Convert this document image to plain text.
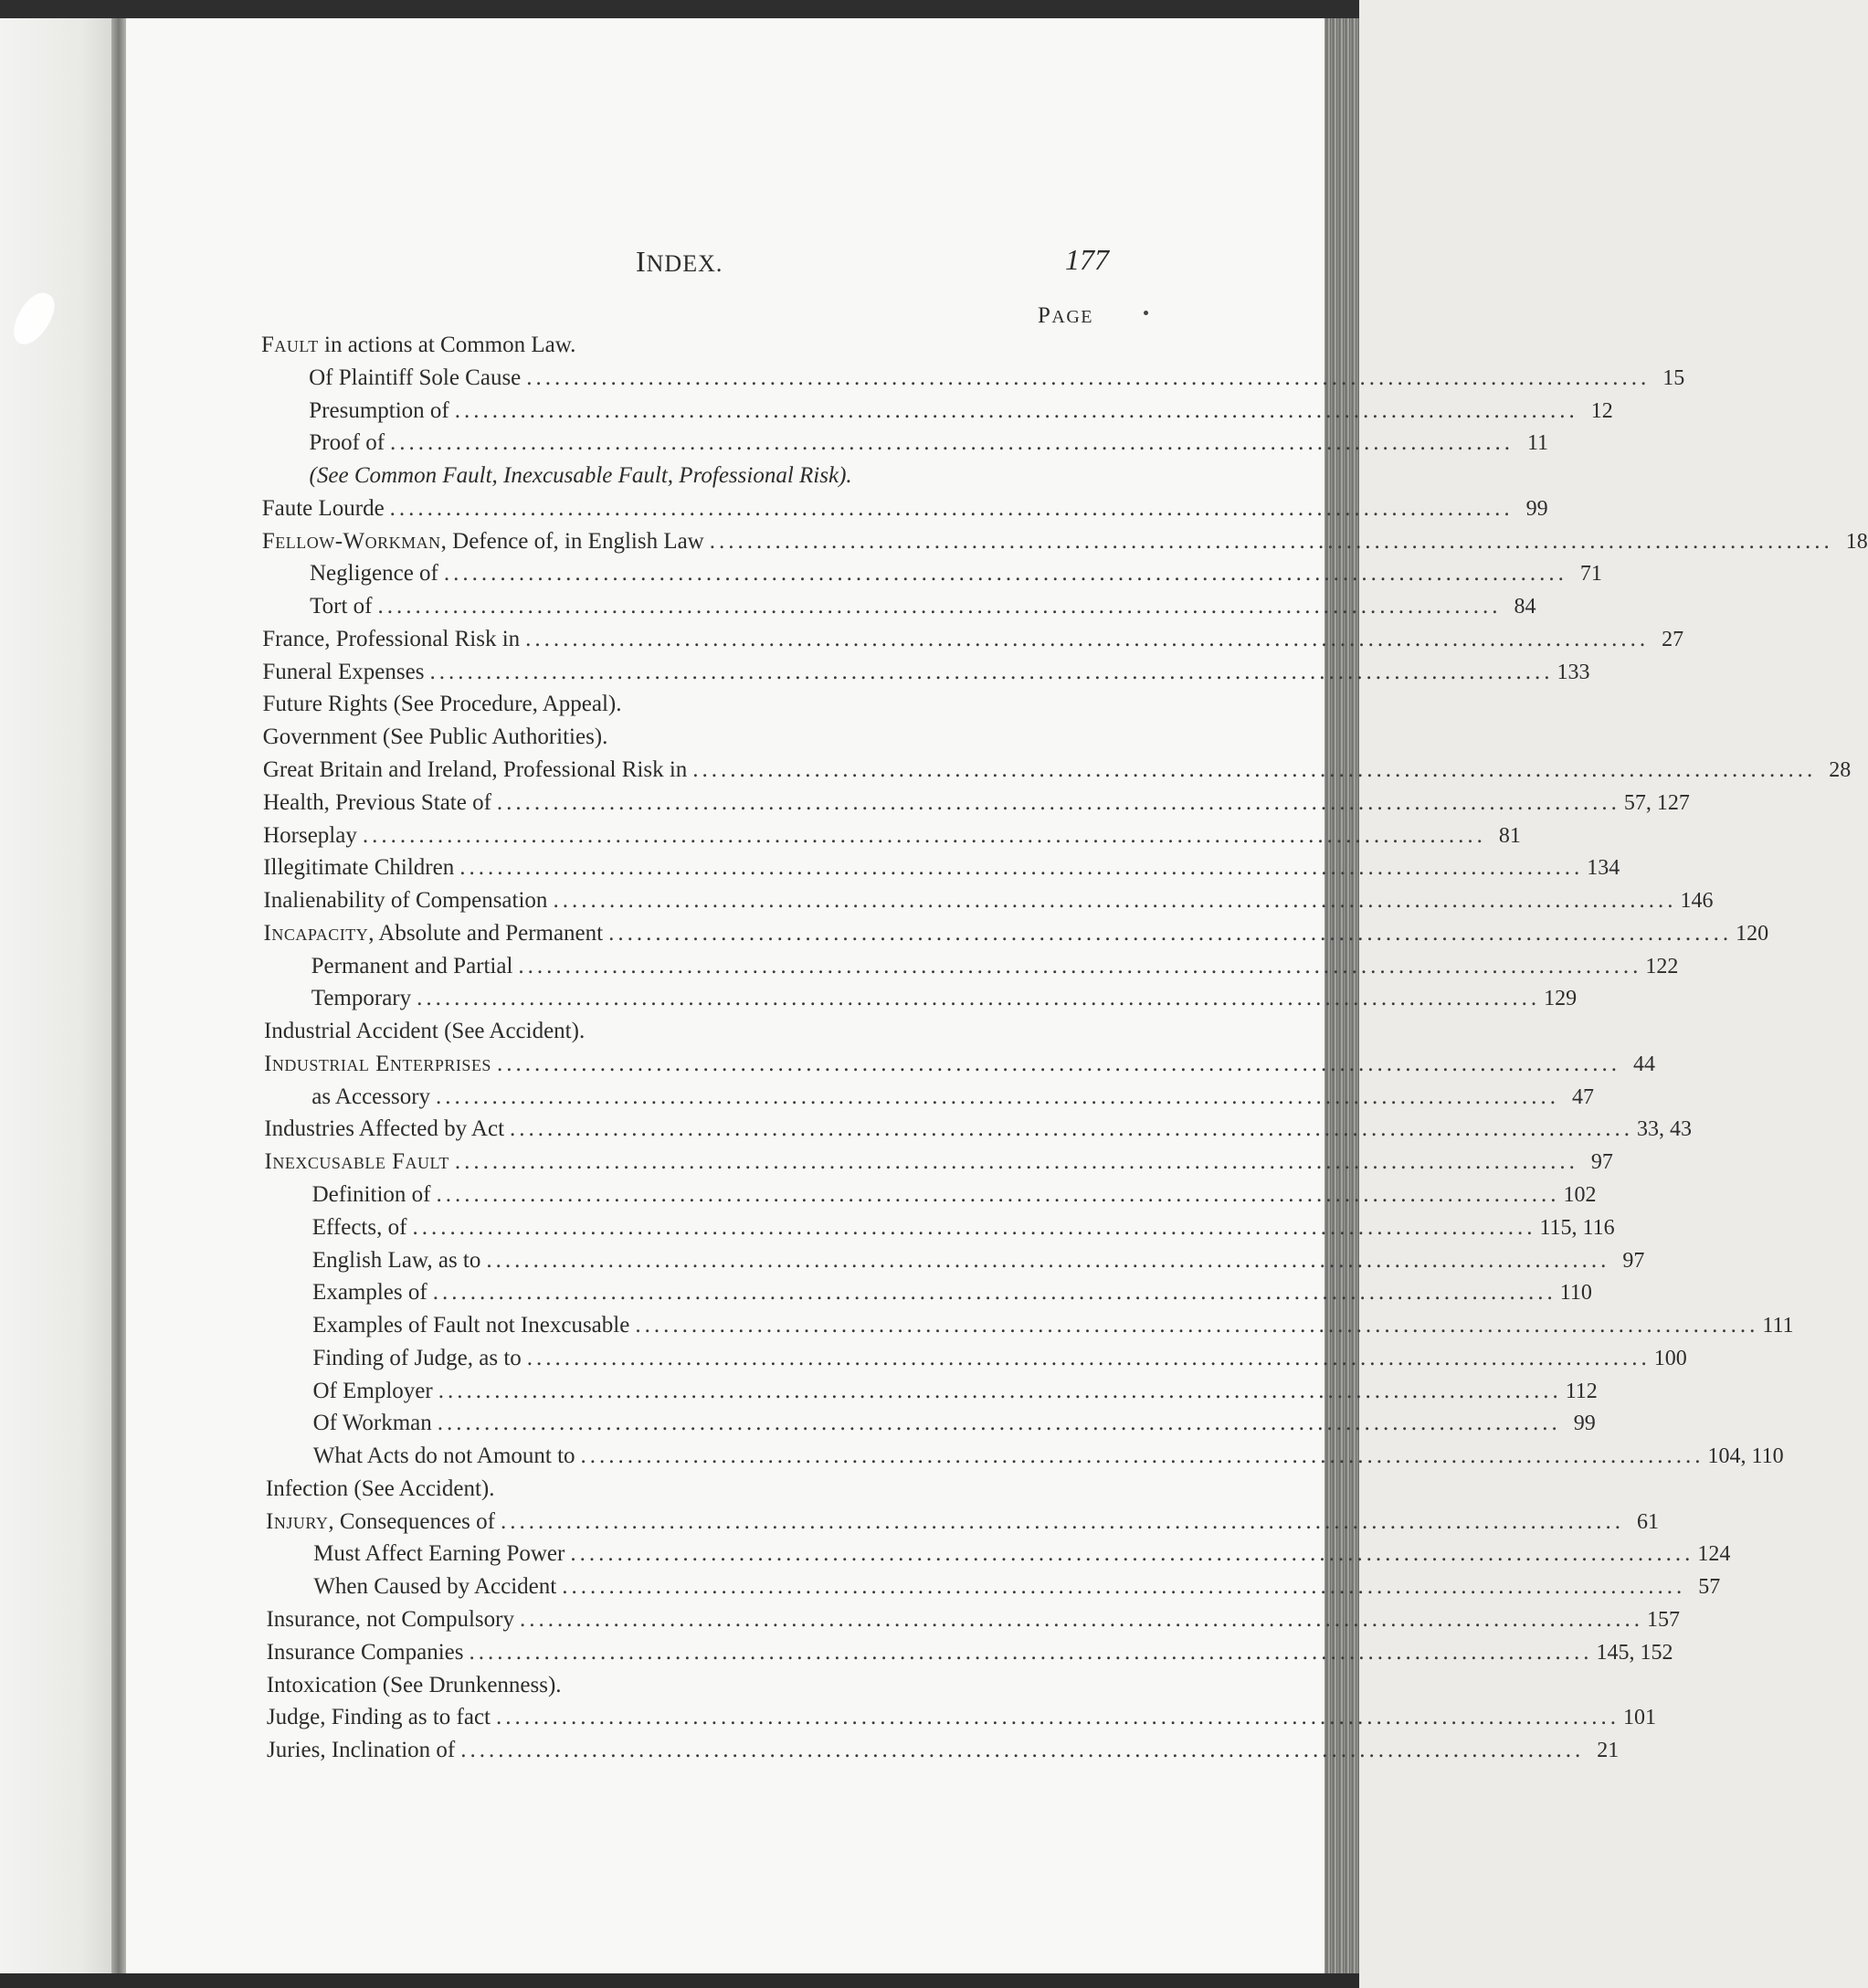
INDEX.	177
PAGE
Fault in actions at Common Law.
Of Plaintiff Sole Cause ........................................................................................................................ 15
Presumption of ........................................................................................................................ 12
Proof of ........................................................................................................................ 11
(See Common Fault, Inexcusable Fault, Professional Risk).
Faute Lourde ........................................................................................................................ 99
Fellow-Workman , Defence of, in English Law ........................................................................................................................ 18
Negligence of ........................................................................................................................ 71
Tort of ........................................................................................................................ 84
France, Professional Risk in ........................................................................................................................ 27
Funeral Expenses ........................................................................................................................ 133
Future Rights (See Procedure, Appeal).
Government (See Public Authorities).
Great Britain and Ireland, Professional Risk in ........................................................................................................................ 28
Health, Previous State of ........................................................................................................................ 57, 127
Horseplay ........................................................................................................................ 81
Illegitimate Children ........................................................................................................................ 134
Inalienability of Compensation ........................................................................................................................ 146
Incapacity , Absolute and Permanent ........................................................................................................................ 120
Permanent and Partial ........................................................................................................................ 122
Temporary ........................................................................................................................ 129
Industrial Accident (See Accident).
Industrial Enterprises ........................................................................................................................ 44
as Accessory ........................................................................................................................ 47
Industries Affected by Act ........................................................................................................................ 33, 43
Inexcusable Fault ........................................................................................................................ 97
Definition of ........................................................................................................................ 102
Effects, of ........................................................................................................................ 115, 116
English Law, as to ........................................................................................................................ 97
Examples of ........................................................................................................................ 110
Examples of Fault not Inexcusable ........................................................................................................................ 111
Finding of Judge, as to ........................................................................................................................ 100
Of Employer ........................................................................................................................ 112
Of Workman ........................................................................................................................ 99
What Acts do not Amount to ........................................................................................................................ 104, 110
Infection (See Accident).
Injury , Consequences of ........................................................................................................................ 61
Must Affect Earning Power ........................................................................................................................ 124
When Caused by Accident ........................................................................................................................ 57
Insurance, not Compulsory ........................................................................................................................ 157
Insurance Companies ........................................................................................................................ 145, 152
Intoxication (See Drunkenness).
Judge, Finding as to fact ........................................................................................................................ 101
Juries, Inclination of ........................................................................................................................ 21
